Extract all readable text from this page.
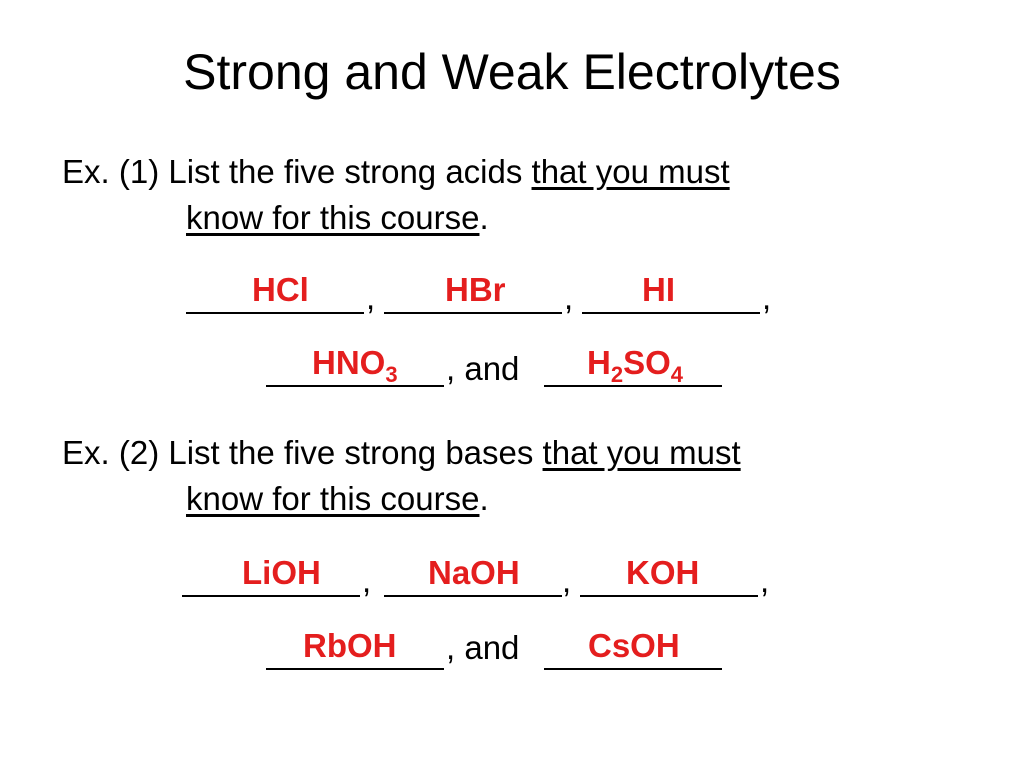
Strong and Weak Electrolytes
Ex. (1) List the five strong acids that you must
know for this course.
HCl , HBr , HI	,
$HNO_3$ , and $H_2SO_4$
Ex. (2) List the five strong bases that you must
know for this course.
LiOH , NaOH , KOH ,
RbOH , and CsOH
